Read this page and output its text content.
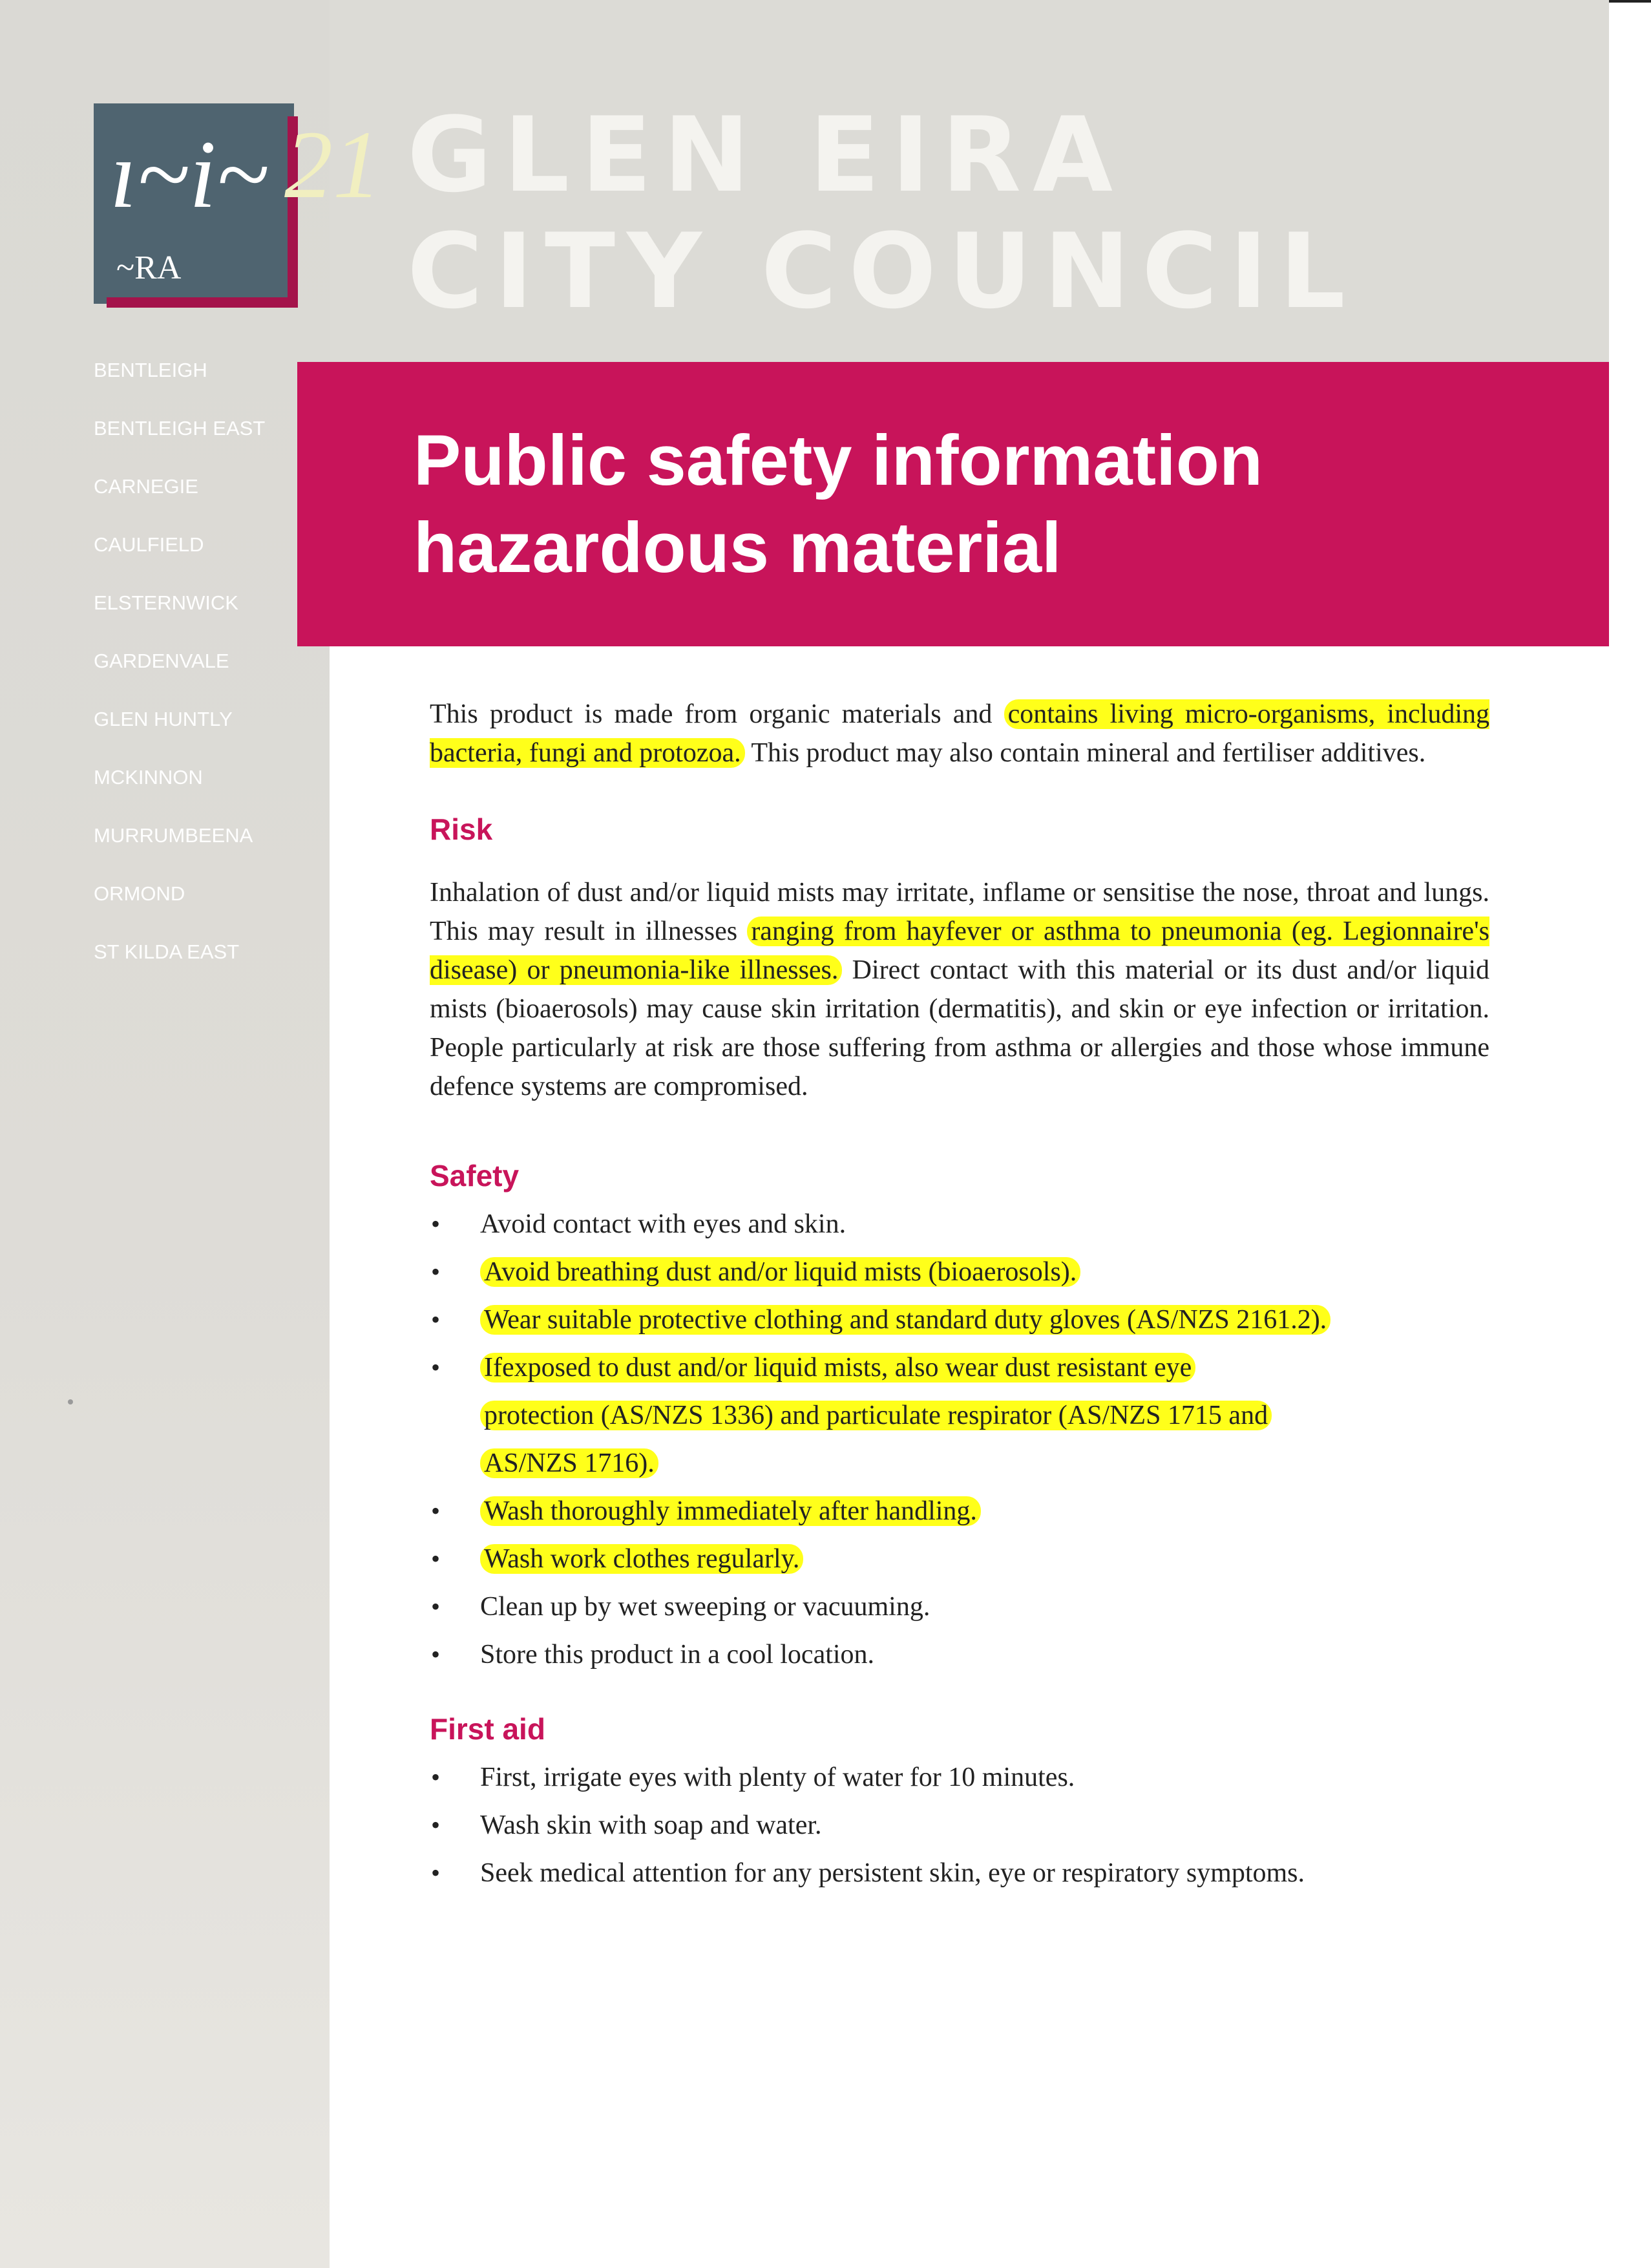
ı~i~ 21
~RA
GLEN EIRA
CITY COUNCIL
BENTLEIGH
BENTLEIGH EAST
CARNEGIE
CAULFIELD
ELSTERNWICK
GARDENVALE
GLEN HUNTLY
MCKINNON
MURRUMBEENA
ORMOND
ST KILDA EAST
Public safety information
hazardous material

This product is made from organic materials and contains living micro-organisms, including bacteria, fungi and protozoa. This product may also contain mineral and fertiliser additives.

Risk

Inhalation of dust and/or liquid mists may irritate, inflame or sensitise the nose, throat and lungs. This may result in illnesses ranging from hayfever or asthma to pneumonia (eg. Legionnaire's disease) or pneumonia-like illnesses. Direct contact with this material or its dust and/or liquid mists (bioaerosols) may cause skin irritation (dermatitis), and skin or eye infection or irritation. People particularly at risk are those suffering from asthma or allergies and those whose immune defence systems are compromised.

Safety
• Avoid contact with eyes and skin.
• Avoid breathing dust and/or liquid mists (bioaerosols).
• Wear suitable protective clothing and standard duty gloves (AS/NZS 2161.2).
• Ifexposed to dust and/or liquid mists, also wear dust resistant eye
protection (AS/NZS 1336) and particulate respirator (AS/NZS 1715 and
AS/NZS 1716).
• Wash thoroughly immediately after handling.
• Wash work clothes regularly.
• Clean up by wet sweeping or vacuuming.
• Store this product in a cool location.
First aid
• First, irrigate eyes with plenty of water for 10 minutes.
• Wash skin with soap and water.
• Seek medical attention for any persistent skin, eye or respiratory symptoms.
